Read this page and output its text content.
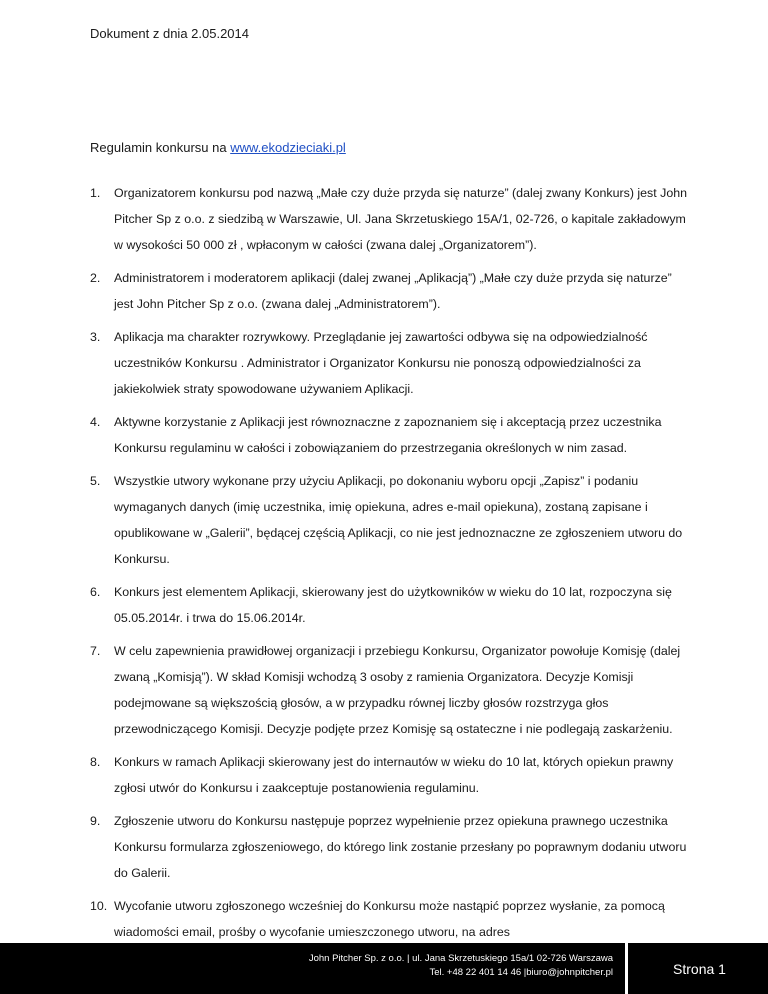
Dokument z dnia 2.05.2014
Regulamin konkursu na www.ekodzieciaki.pl
1.	Organizatorem konkursu pod nazwą „Małe czy duże przyda się naturze” (dalej zwany Konkurs) jest John Pitcher Sp z o.o. z siedzibą w Warszawie, Ul. Jana Skrzetuskiego 15A/1, 02-726, o kapitale zakładowym w wysokości 50 000 zł , wpłaconym w całości (zwana dalej „Organizatorem”).
2.	Administratorem i moderatorem aplikacji (dalej zwanej „Aplikacją”) „Małe czy duże przyda się naturze” jest John Pitcher Sp z o.o. (zwana dalej „Administratorem”).
3.	Aplikacja ma charakter rozrywkowy. Przeglądanie jej zawartości odbywa się na odpowiedzialność uczestników Konkursu . Administrator i Organizator Konkursu nie ponoszą odpowiedzialności za jakiekolwiek straty spowodowane używaniem Aplikacji.
4.	Aktywne korzystanie z Aplikacji jest równoznaczne z zapoznaniem się i akceptacją przez uczestnika Konkursu regulaminu w całości i zobowiązaniem do przestrzegania określonych w nim zasad.
5.	Wszystkie utwory wykonane przy użyciu Aplikacji, po dokonaniu wyboru opcji „Zapisz” i podaniu wymaganych danych (imię uczestnika, imię opiekuna, adres e-mail opiekuna), zostaną zapisane i opublikowane w „Galerii”, będącej częścią Aplikacji, co nie jest jednoznaczne ze zgłoszeniem utworu do Konkursu.
6.	Konkurs jest elementem Aplikacji, skierowany jest do użytkowników w wieku do 10 lat, rozpoczyna się 05.05.2014r. i trwa do 15.06.2014r.
7.	W celu zapewnienia prawidłowej organizacji i przebiegu Konkursu, Organizator powołuje Komisję (dalej zwaną „Komisją”). W skład Komisji wchodzą 3 osoby z ramienia Organizatora. Decyzje Komisji podejmowane są większością głosów, a w przypadku równej liczby głosów rozstrzyga głos przewodniczącego Komisji. Decyzje podjęte przez Komisję są ostateczne i nie podlegają zaskarżeniu.
8.	Konkurs w ramach Aplikacji skierowany jest do internautów w wieku do 10 lat, których opiekun prawny zgłosi utwór do Konkursu i zaakceptuje postanowienia regulaminu.
9.	Zgłoszenie utworu do Konkursu następuje poprzez wypełnienie przez opiekuna prawnego uczestnika Konkursu formularza zgłoszeniowego, do którego link zostanie przesłany po poprawnym dodaniu utworu do Galerii.
10. Wycofanie utworu zgłoszonego wcześniej do Konkursu może nastąpić poprzez wysłanie, za pomocą wiadomości email, prośby o wycofanie umieszczonego utworu, na adres
John Pitcher Sp. z o.o. | ul. Jana Skrzetuskiego 15a/1 02-726 Warszawa
Tel. +48 22 401 14 46 |biuro@johnpitcher.pl	Strona 1
